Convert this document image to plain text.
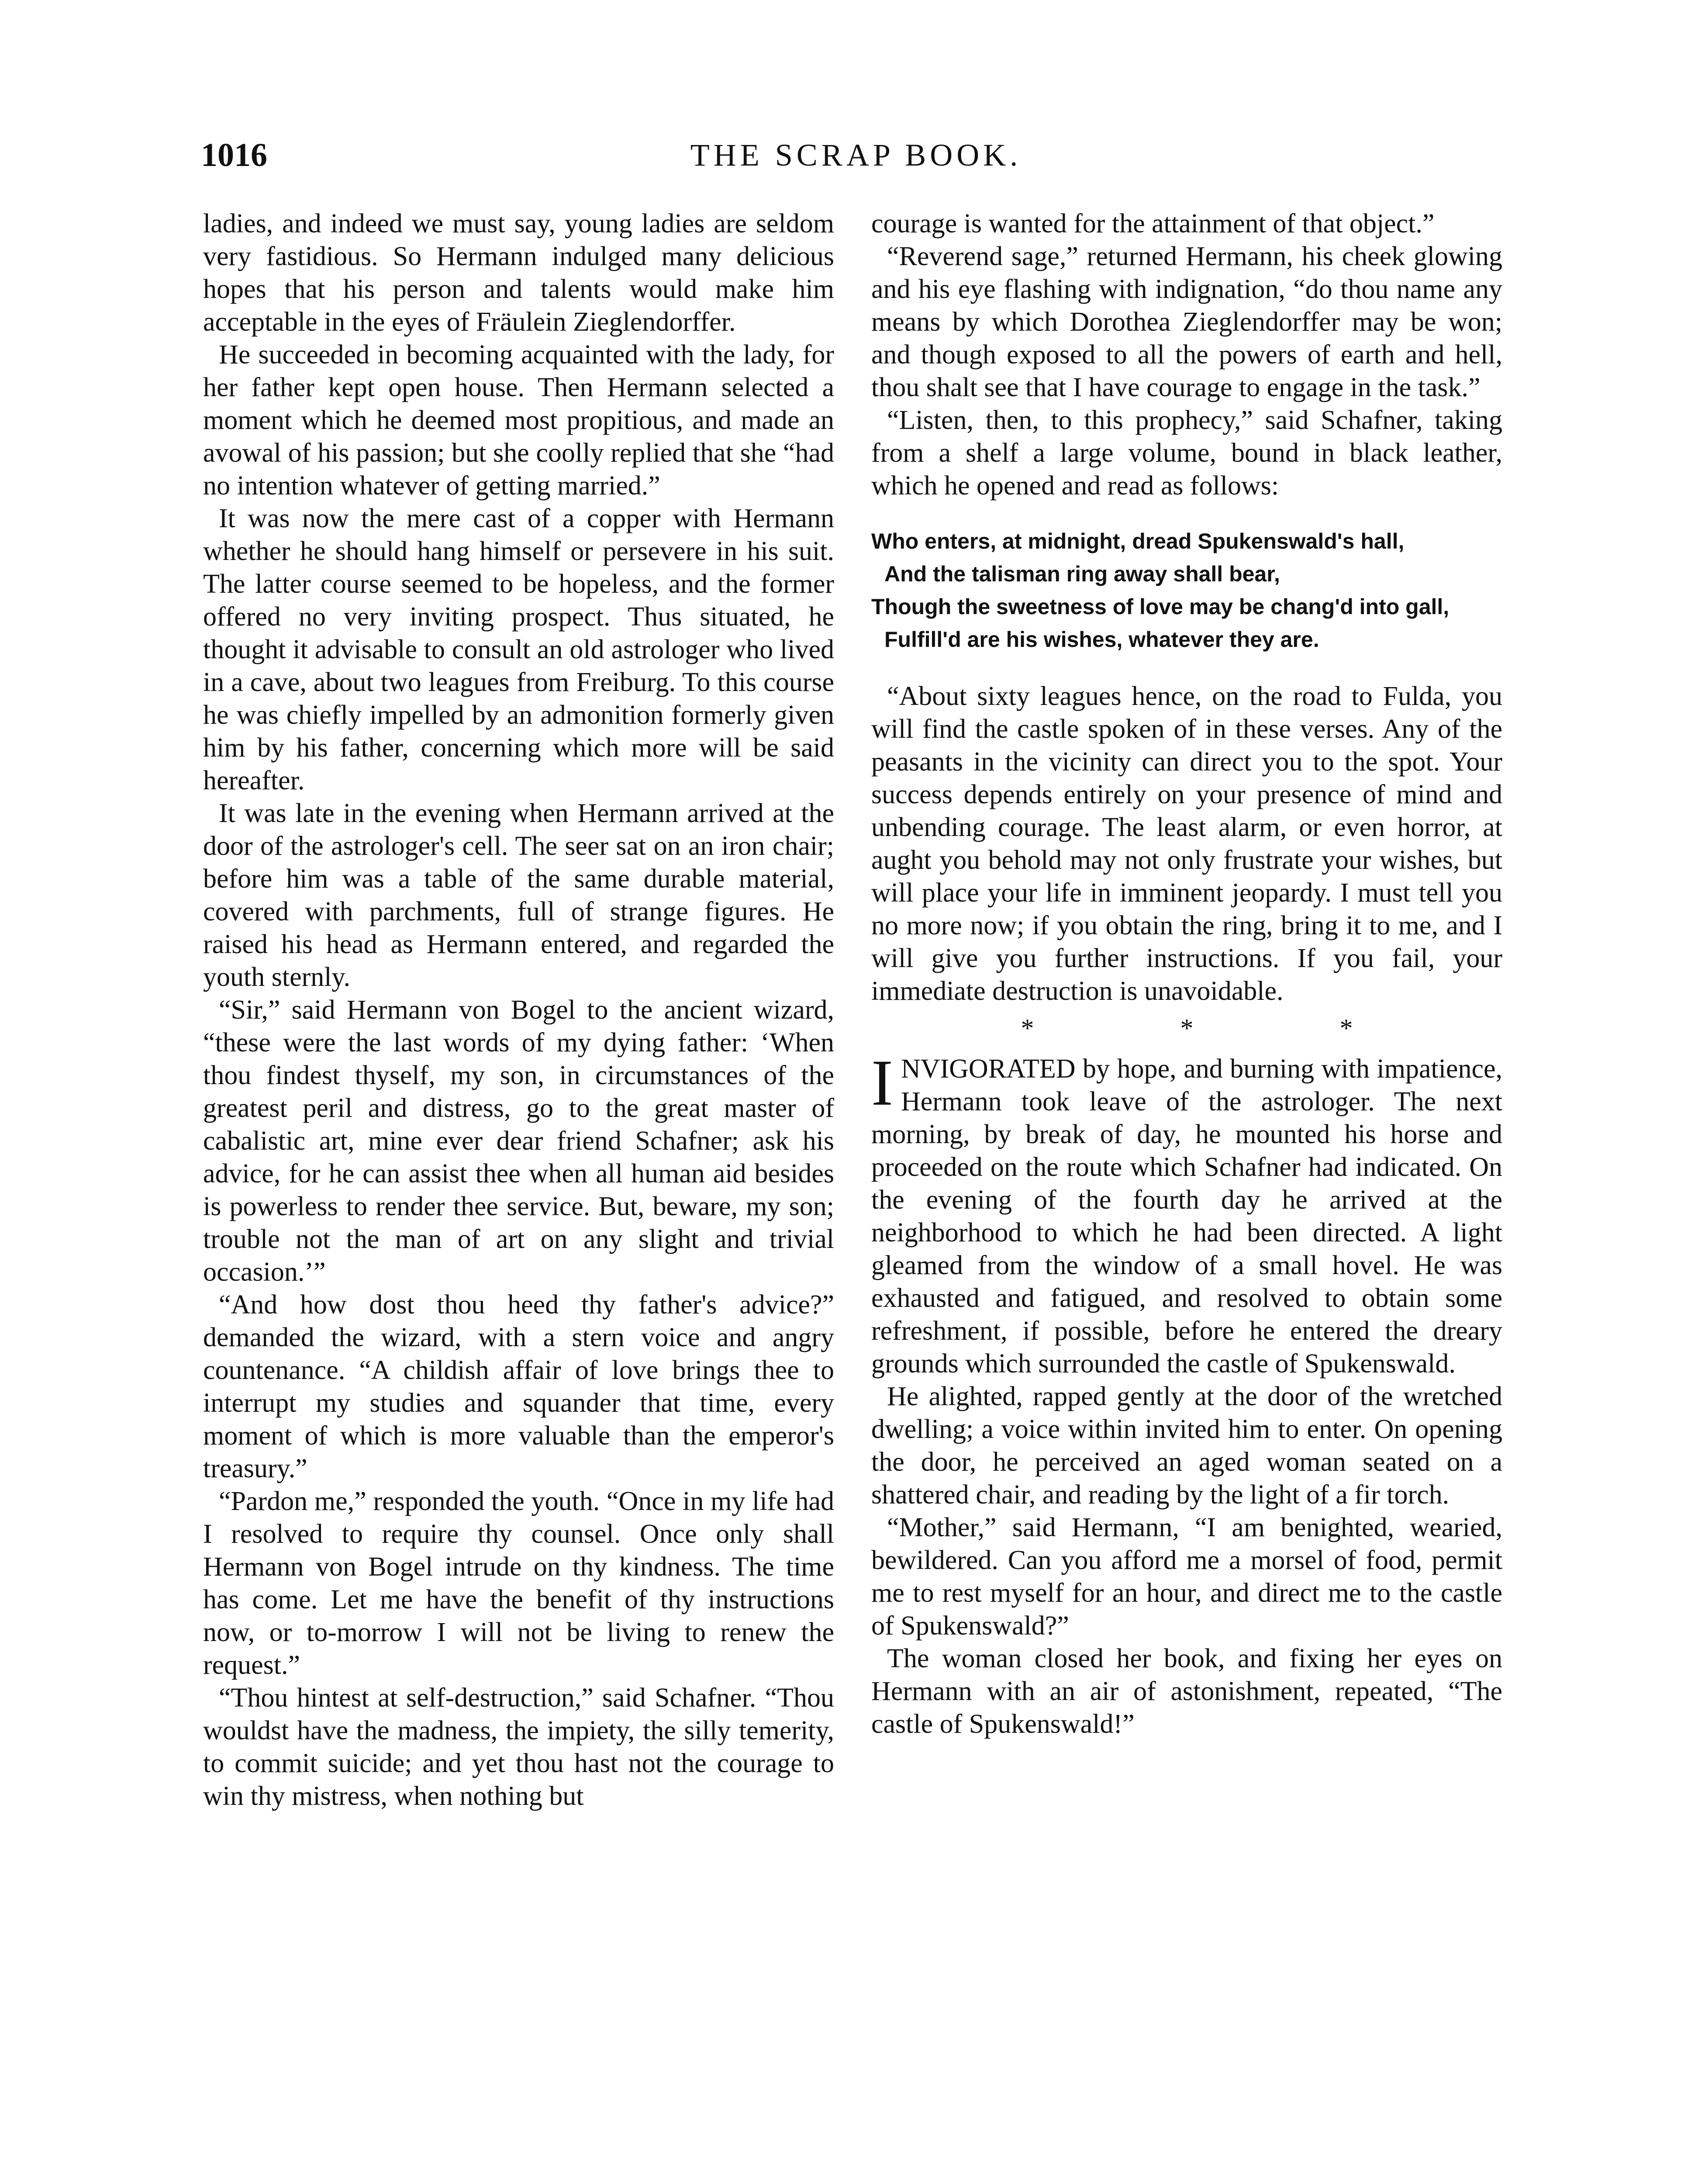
1016	THE SCRAP BOOK.

ladies, and indeed we must say, young ladies are seldom very fastidious. So Hermann indulged many delicious hopes that his person and talents would make him acceptable in the eyes of Fräulein Zieglendorffer.

He succeeded in becoming acquainted with the lady, for her father kept open house. Then Hermann selected a moment which he deemed most propitious, and made an avowal of his passion; but she coolly replied that she “had no intention whatever of getting married.”

It was now the mere cast of a copper with Hermann whether he should hang himself or persevere in his suit. The latter course seemed to be hopeless, and the former offered no very inviting prospect. Thus situated, he thought it advisable to consult an old astrologer who lived in a cave, about two leagues from Freiburg. To this course he was chiefly impelled by an admonition formerly given him by his father, concerning which more will be said hereafter.

It was late in the evening when Hermann arrived at the door of the astrologer's cell. The seer sat on an iron chair; before him was a table of the same durable material, covered with parchments, full of strange figures. He raised his head as Hermann entered, and regarded the youth sternly.

“Sir,” said Hermann von Bogel to the ancient wizard, “these were the last words of my dying father: ‘When thou findest thyself, my son, in circumstances of the greatest peril and distress, go to the great master of cabalistic art, mine ever dear friend Schafner; ask his advice, for he can assist thee when all human aid besides is powerless to render thee service. But, beware, my son; trouble not the man of art on any slight and trivial occasion.’”

“And how dost thou heed thy father's advice?” demanded the wizard, with a stern voice and angry countenance. “A childish affair of love brings thee to interrupt my studies and squander that time, every moment of which is more valuable than the emperor's treasury.”

“Pardon me,” responded the youth. “Once in my life had I resolved to require thy counsel. Once only shall Hermann von Bogel intrude on thy kindness. The time has come. Let me have the benefit of thy instructions now, or to-morrow I will not be living to renew the request.”

“Thou hintest at self-destruction,” said Schafner. “Thou wouldst have the madness, the impiety, the silly temerity, to commit suicide; and yet thou hast not the courage to win thy mistress, when nothing but

courage is wanted for the attainment of that object.”

“Reverend sage,” returned Hermann, his cheek glowing and his eye flashing with indignation, “do thou name any means by which Dorothea Zieglendorffer may be won; and though exposed to all the powers of earth and hell, thou shalt see that I have courage to engage in the task.”

“Listen, then, to this prophecy,” said Schafner, taking from a shelf a large volume, bound in black leather, which he opened and read as follows:

Who enters, at midnight, dread Spukenswald's hall,
And the talisman ring away shall bear,
Though the sweetness of love may be chang'd into gall,
Fulfill'd are his wishes, whatever they are.

“About sixty leagues hence, on the road to Fulda, you will find the castle spoken of in these verses. Any of the peasants in the vicinity can direct you to the spot. Your success depends entirely on your presence of mind and unbending courage. The least alarm, or even horror, at aught you behold may not only frustrate your wishes, but will place your life in imminent jeopardy. I must tell you no more now; if you obtain the ring, bring it to me, and I will give you further instructions. If you fail, your immediate destruction is unavoidable.

* * *

INVIGORATED by hope, and burning with impatience, Hermann took leave of the astrologer. The next morning, by break of day, he mounted his horse and proceeded on the route which Schafner had indicated. On the evening of the fourth day he arrived at the neighborhood to which he had been directed. A light gleamed from the window of a small hovel. He was exhausted and fatigued, and resolved to obtain some refreshment, if possible, before he entered the dreary grounds which surrounded the castle of Spukenswald.

He alighted, rapped gently at the door of the wretched dwelling; a voice within invited him to enter. On opening the door, he perceived an aged woman seated on a shattered chair, and reading by the light of a fir torch.

“Mother,” said Hermann, “I am benighted, wearied, bewildered. Can you afford me a morsel of food, permit me to rest myself for an hour, and direct me to the castle of Spukenswald?”

The woman closed her book, and fixing her eyes on Hermann with an air of astonishment, repeated, “The castle of Spukenswald!”
